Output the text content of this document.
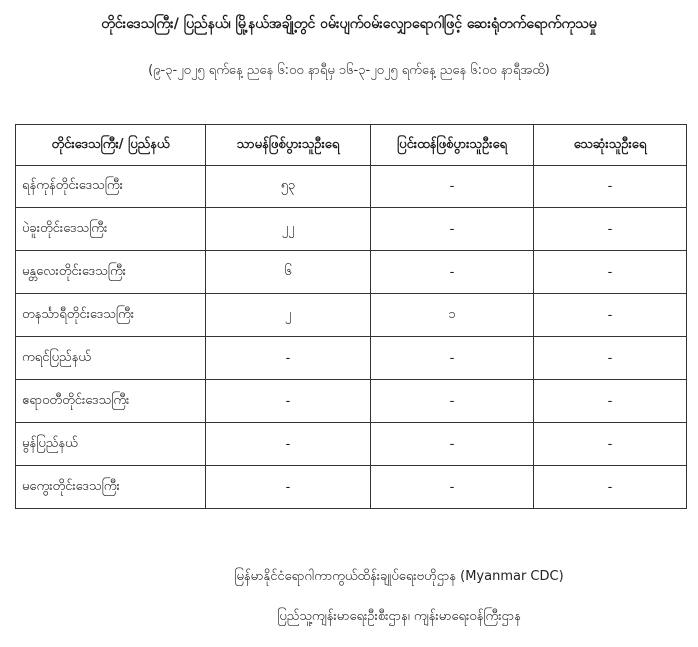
တိုင်းဒေသကြီး/ ပြည်နယ်၊ မြို့နယ်အချို့တွင် ဝမ်းပျက်ဝမ်းလျှောရောဂါဖြင့် ဆေးရုံတက်ရောက်ကုသမှု
(၉-၃-၂၀၂၅ ရက်နေ့ ညနေ ၆:၀၀ နာရီမှ ၁၆-၃-၂၀၂၅ ရက်နေ့ ညနေ ၆:၀၀ နာရီအထိ)
တိုင်းဒေသကြီး/ ပြည်နယ်	သာမန်ဖြစ်ပွားသူဦးရေ	ပြင်းထန်ဖြစ်ပွားသူဦးရေ	သေဆုံးသူဦးရေ
ရန်ကုန်တိုင်းဒေသကြီး	၅၃	-	-
ပဲခူးတိုင်းဒေသကြီး	၂၂	-	-
မန္တလေးတိုင်းဒေသကြီး	၆	-	-
တနင်္သာရီတိုင်းဒေသကြီး	၂	၁	-
ကရင်ပြည်နယ်	-	-	-
ဧရာဝတီတိုင်းဒေသကြီး	-	-	-
မွန်ပြည်နယ်	-	-	-
မကွေးတိုင်းဒေသကြီး	-	-	-
မြန်မာနိုင်ငံရောဂါကာကွယ်ထိန်းချုပ်ရေးဗဟိုဌာန (Myanmar CDC)
ပြည်သူ့ကျန်းမာရေးဦးစီးဌာန၊ ကျန်းမာရေးဝန်ကြီးဌာန
